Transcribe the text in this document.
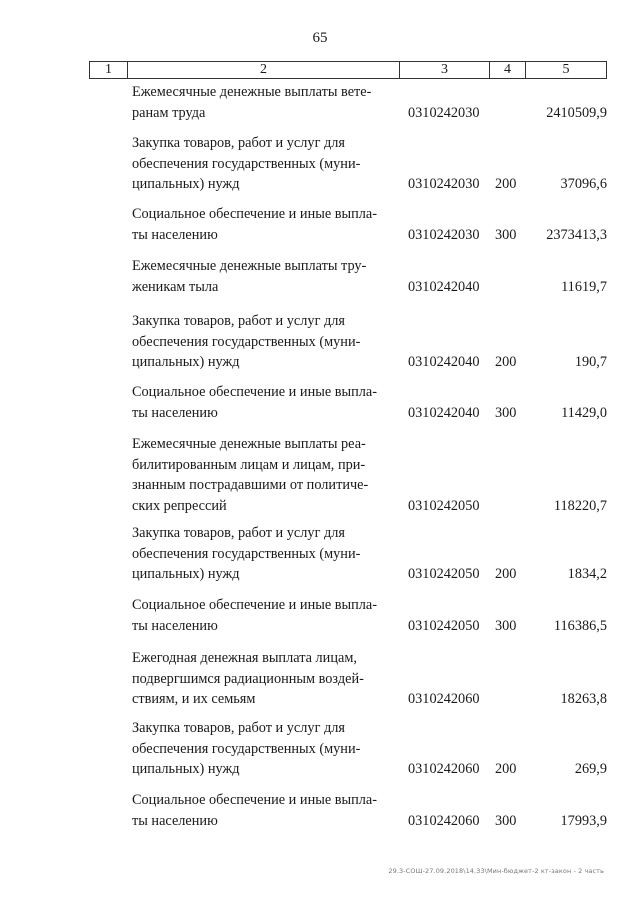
65
1	2	3	4	5
Ежемесячные денежные выплаты вете-
ранам труда	0310242030	2410509,9
Закупка товаров, работ и услуг для
обеспечения государственных (муни-
ципальных) нужд	0310242030 200	37096,6
Социальное обеспечение и иные выпла-
ты населению	0310242030 300 2373413,3
Ежемесячные денежные выплаты тру-
женикам тыла	0310242040	11619,7
Закупка товаров, работ и услуг для
обеспечения государственных (муни-
ципальных) нужд	0310242040 200	190,7
Социальное обеспечение и иные выпла-
ты населению	0310242040 300	11429,0
Ежемесячные денежные выплаты реа-
билитированным лицам и лицам, при-
знанным пострадавшими от политиче-
ских репрессий	0310242050	118220,7
Закупка товаров, работ и услуг для
обеспечения государственных (муни-
ципальных) нужд	0310242050 200	1834,2
Социальное обеспечение и иные выпла-
ты населению	0310242050 300	116386,5
Ежегодная денежная выплата лицам,
подвергшимся радиационным воздей-
ствиям, и их семьям	0310242060	18263,8
Закупка товаров, работ и услуг для
обеспечения государственных (муни-
ципальных) нужд	0310242060 200	269,9
Социальное обеспечение и иные выпла-
ты населению	0310242060 300	17993,9
29.3-СОШ-27.09.2018\14.33\Мин-бюджет-2 кт-закон - 2 часть
